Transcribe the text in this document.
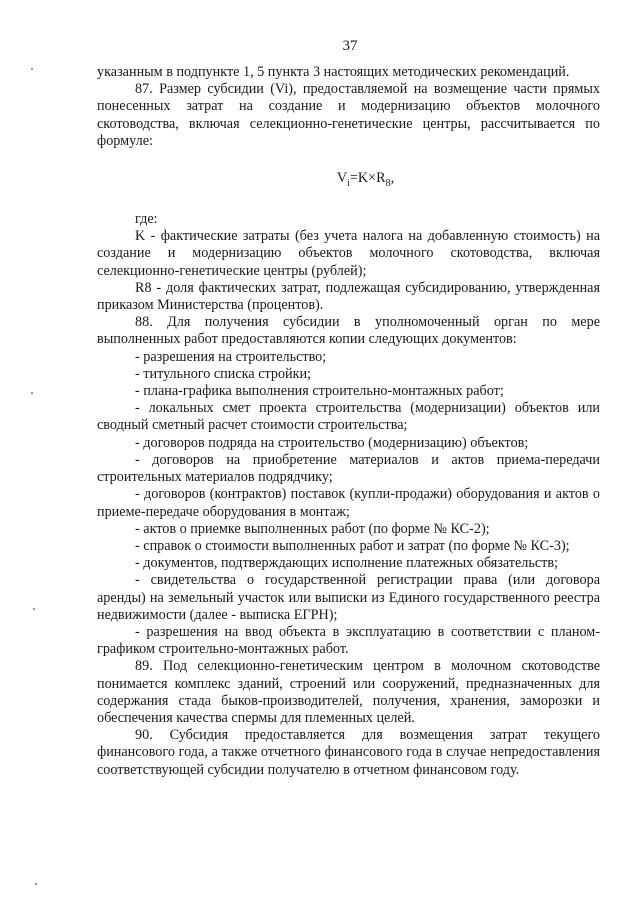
37

указанным в подпункте 1, 5 пункта 3 настоящих методических рекомендаций.

87. Размер субсидии (Vi), предоставляемой на возмещение части прямых понесенных затрат на создание и модернизацию объектов молочного скотоводства, включая селекционно-генетические центры, рассчитывается по формуле:

$V_i=K\times R_8$,

где:

K - фактические затраты (без учета налога на добавленную стоимость) на создание и модернизацию объектов молочного скотоводства, включая селекционно-генетические центры (рублей);

R8 - доля фактических затрат, подлежащая субсидированию, утвержденная приказом Министерства (процентов).

88. Для получения субсидии в уполномоченный орган по мере выполненных работ предоставляются копии следующих документов:

- разрешения на строительство;

- титульного списка стройки;

- плана-графика выполнения строительно-монтажных работ;

- локальных смет проекта строительства (модернизации) объектов или сводный сметный расчет стоимости строительства;

- договоров подряда на строительство (модернизацию) объектов;

- договоров на приобретение материалов и актов приема-передачи строительных материалов подрядчику;

- договоров (контрактов) поставок (купли-продажи) оборудования и актов о приеме-передаче оборудования в монтаж;

- актов о приемке выполненных работ (по форме № КС-2);

- справок о стоимости выполненных работ и затрат (по форме № КС-3);

- документов, подтверждающих исполнение платежных обязательств;

- свидетельства о государственной регистрации права (или договора аренды) на земельный участок или выписки из Единого государственного реестра недвижимости (далее - выписка ЕГРН);

- разрешения на ввод объекта в эксплуатацию в соответствии с планом-графиком строительно-монтажных работ.

89. Под селекционно-генетическим центром в молочном скотоводстве понимается комплекс зданий, строений или сооружений, предназначенных для содержания стада быков-производителей, получения, хранения, заморозки и обеспечения качества спермы для племенных целей.

90. Субсидия предоставляется для возмещения затрат текущего финансового года, а также отчетного финансового года в случае непредоставления соответствующей субсидии получателю в отчетном финансовом году.
